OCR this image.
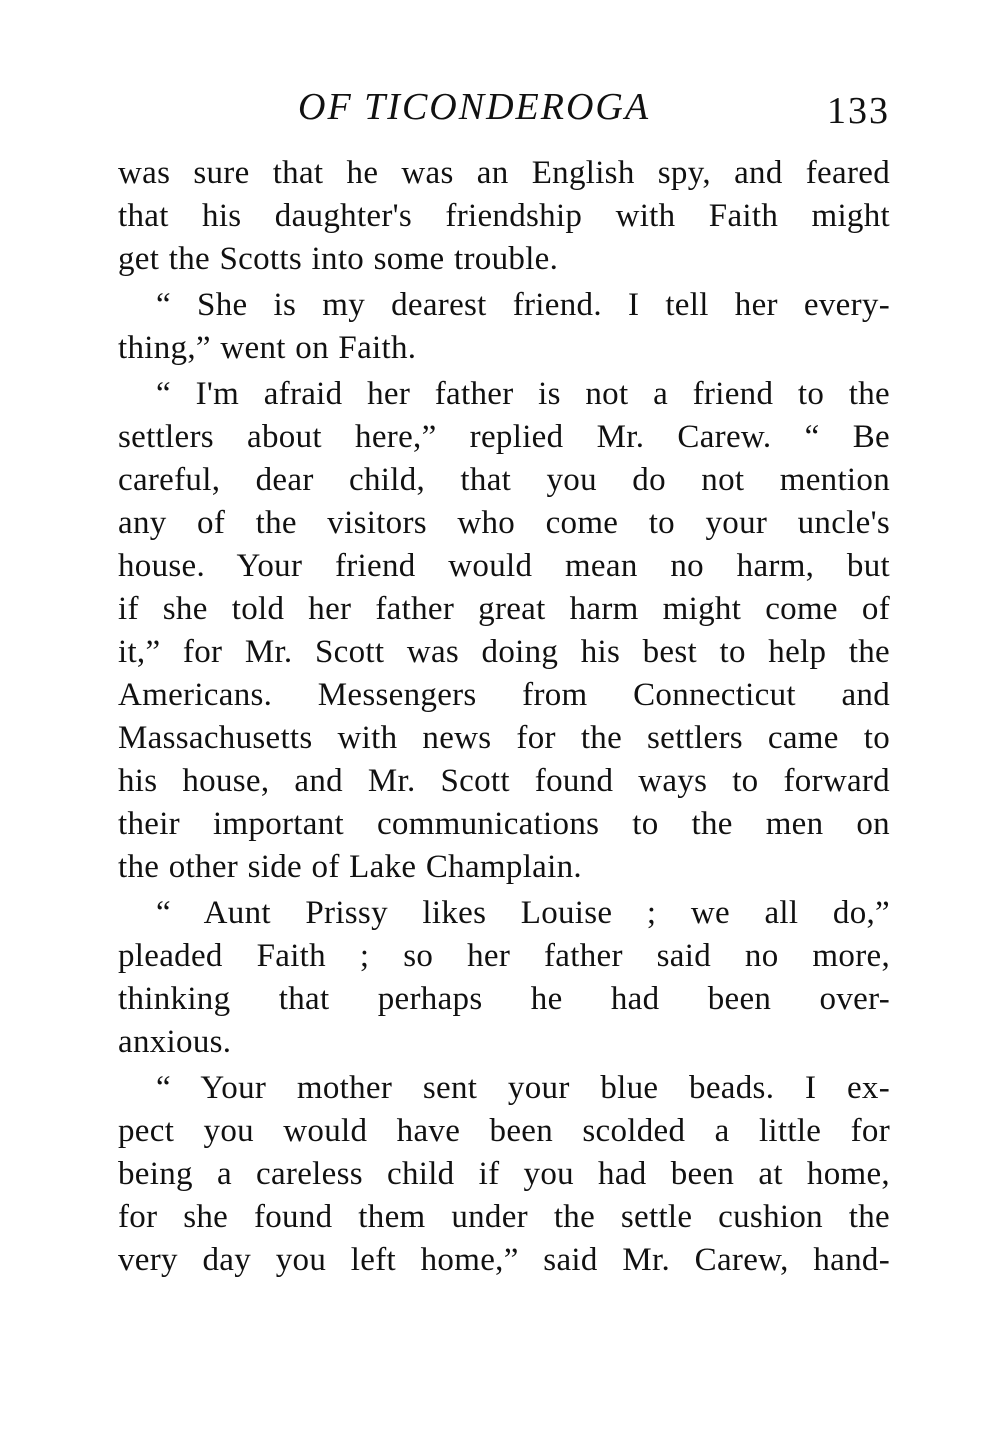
OF TICONDEROGA	133

was sure that he was an English spy, and feared
that his daughter's friendship with Faith might
get the Scotts into some trouble.

“ She is my dearest friend. I tell her every-
thing,” went on Faith.

“ I'm afraid her father is not a friend to the
settlers about here,” replied Mr. Carew. “ Be
careful, dear child, that you do not mention
any of the visitors who come to your uncle's
house. Your friend would mean no harm, but
if she told her father great harm might come of
it,” for Mr. Scott was doing his best to help the
Americans. Messengers from Connecticut and
Massachusetts with news for the settlers came to
his house, and Mr. Scott found ways to forward
their important communications to the men on
the other side of Lake Champlain.

“ Aunt Prissy likes Louise ; we all do,”
pleaded Faith ; so her father said no more,
thinking that perhaps he had been over-
anxious.

“ Your mother sent your blue beads. I ex-
pect you would have been scolded a little for
being a careless child if you had been at home,
for she found them under the settle cushion the
very day you left home,” said Mr. Carew, hand-
